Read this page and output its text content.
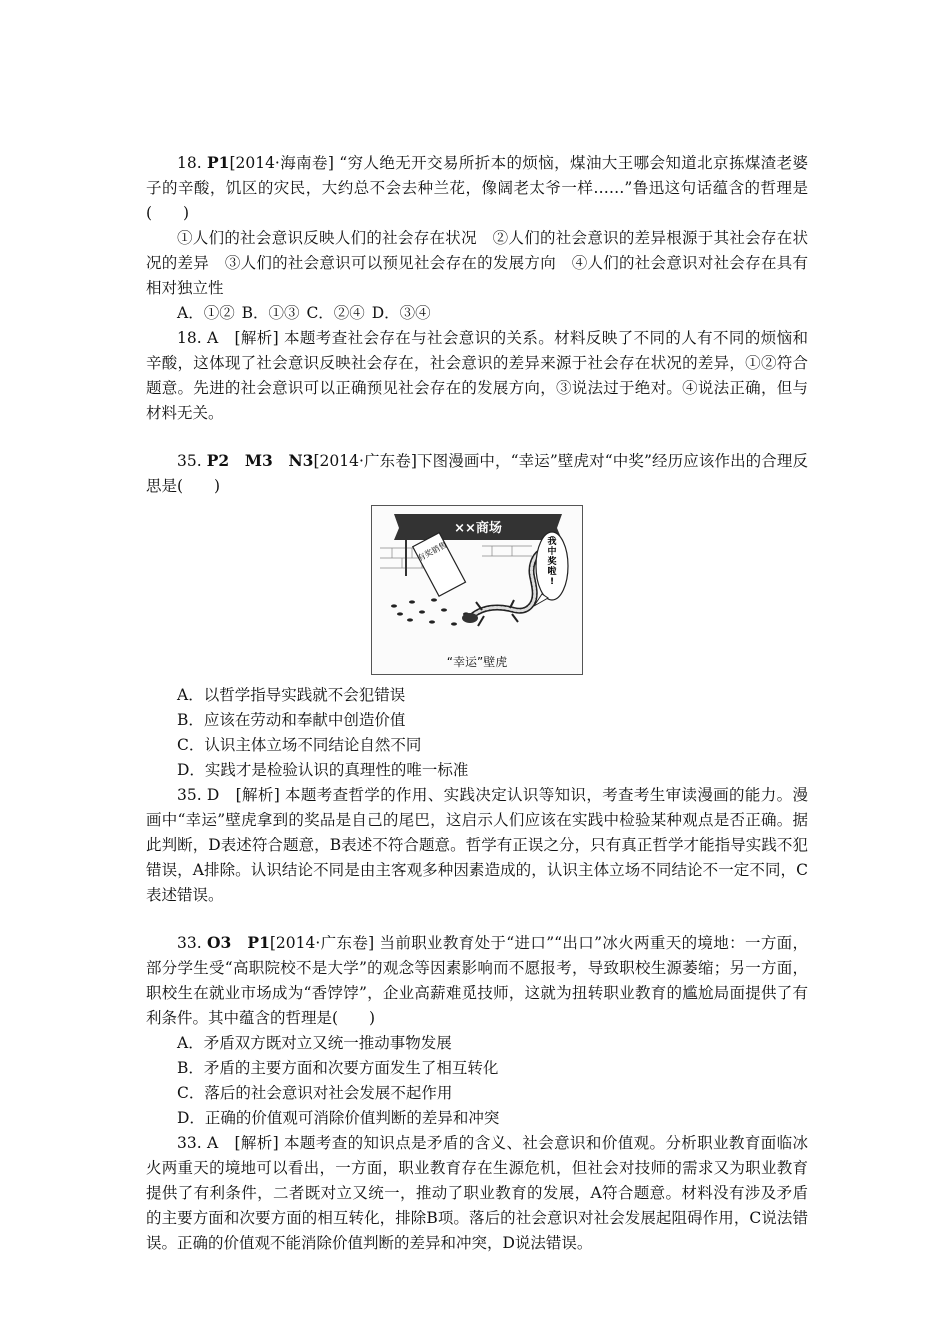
18. P1[2014·海南卷] “穷人绝无开交易所折本的烦恼，煤油大王哪会知道北京拣煤渣老婆子的辛酸，饥区的灾民，大约总不会去种兰花，像阔老太爷一样……”鲁迅这句话蕴含的哲理是(　　)

①人们的社会意识反映人们的社会存在状况　②人们的社会意识的差异根源于其社会存在状况的差异　③人们的社会意识可以预见社会存在的发展方向　④人们的社会意识对社会存在具有相对独立性

A．①② B．①③ C．②④ D．③④

18. A　[解析] 本题考查社会存在与社会意识的关系。材料反映了不同的人有不同的烦恼和辛酸，这体现了社会意识反映社会存在，社会意识的差异来源于社会存在状况的差异，①②符合题意。先进的社会意识可以正确预见社会存在的发展方向，③说法过于绝对。④说法正确，但与材料无关。

35. P2　M3　N3[2014·广东卷]下图漫画中，“幸运”壁虎对“中奖”经历应该作出的合理反思是(　　)

××商场
有奖销售	我中奖啦!
“幸运”壁虎

A．以哲学指导实践就不会犯错误

B．应该在劳动和奉献中创造价值

C．认识主体立场不同结论自然不同

D．实践才是检验认识的真理性的唯一标准

35. D　[解析] 本题考查哲学的作用、实践决定认识等知识，考查考生审读漫画的能力。漫画中“幸运”壁虎拿到的奖品是自己的尾巴，这启示人们应该在实践中检验某种观点是否正确。据此判断，D表述符合题意，B表述不符合题意。哲学有正误之分，只有真正哲学才能指导实践不犯错误，A排除。认识结论不同是由主客观多种因素造成的，认识主体立场不同结论不一定不同，C表述错误。

33. O3　P1[2014·广东卷] 当前职业教育处于“进口”“出口”冰火两重天的境地：一方面，部分学生受“高职院校不是大学”的观念等因素影响而不愿报考，导致职校生源萎缩；另一方面，职校生在就业市场成为“香饽饽”，企业高薪难觅技师，这就为扭转职业教育的尴尬局面提供了有利条件。其中蕴含的哲理是(　　)

A．矛盾双方既对立又统一推动事物发展

B．矛盾的主要方面和次要方面发生了相互转化

C．落后的社会意识对社会发展不起作用

D．正确的价值观可消除价值判断的差异和冲突

33. A　[解析] 本题考查的知识点是矛盾的含义、社会意识和价值观。分析职业教育面临冰火两重天的境地可以看出，一方面，职业教育存在生源危机，但社会对技师的需求又为职业教育提供了有利条件，二者既对立又统一，推动了职业教育的发展，A符合题意。材料没有涉及矛盾的主要方面和次要方面的相互转化，排除B项。落后的社会意识对社会发展起阻碍作用，C说法错误。正确的价值观不能消除价值判断的差异和冲突，D说法错误。
